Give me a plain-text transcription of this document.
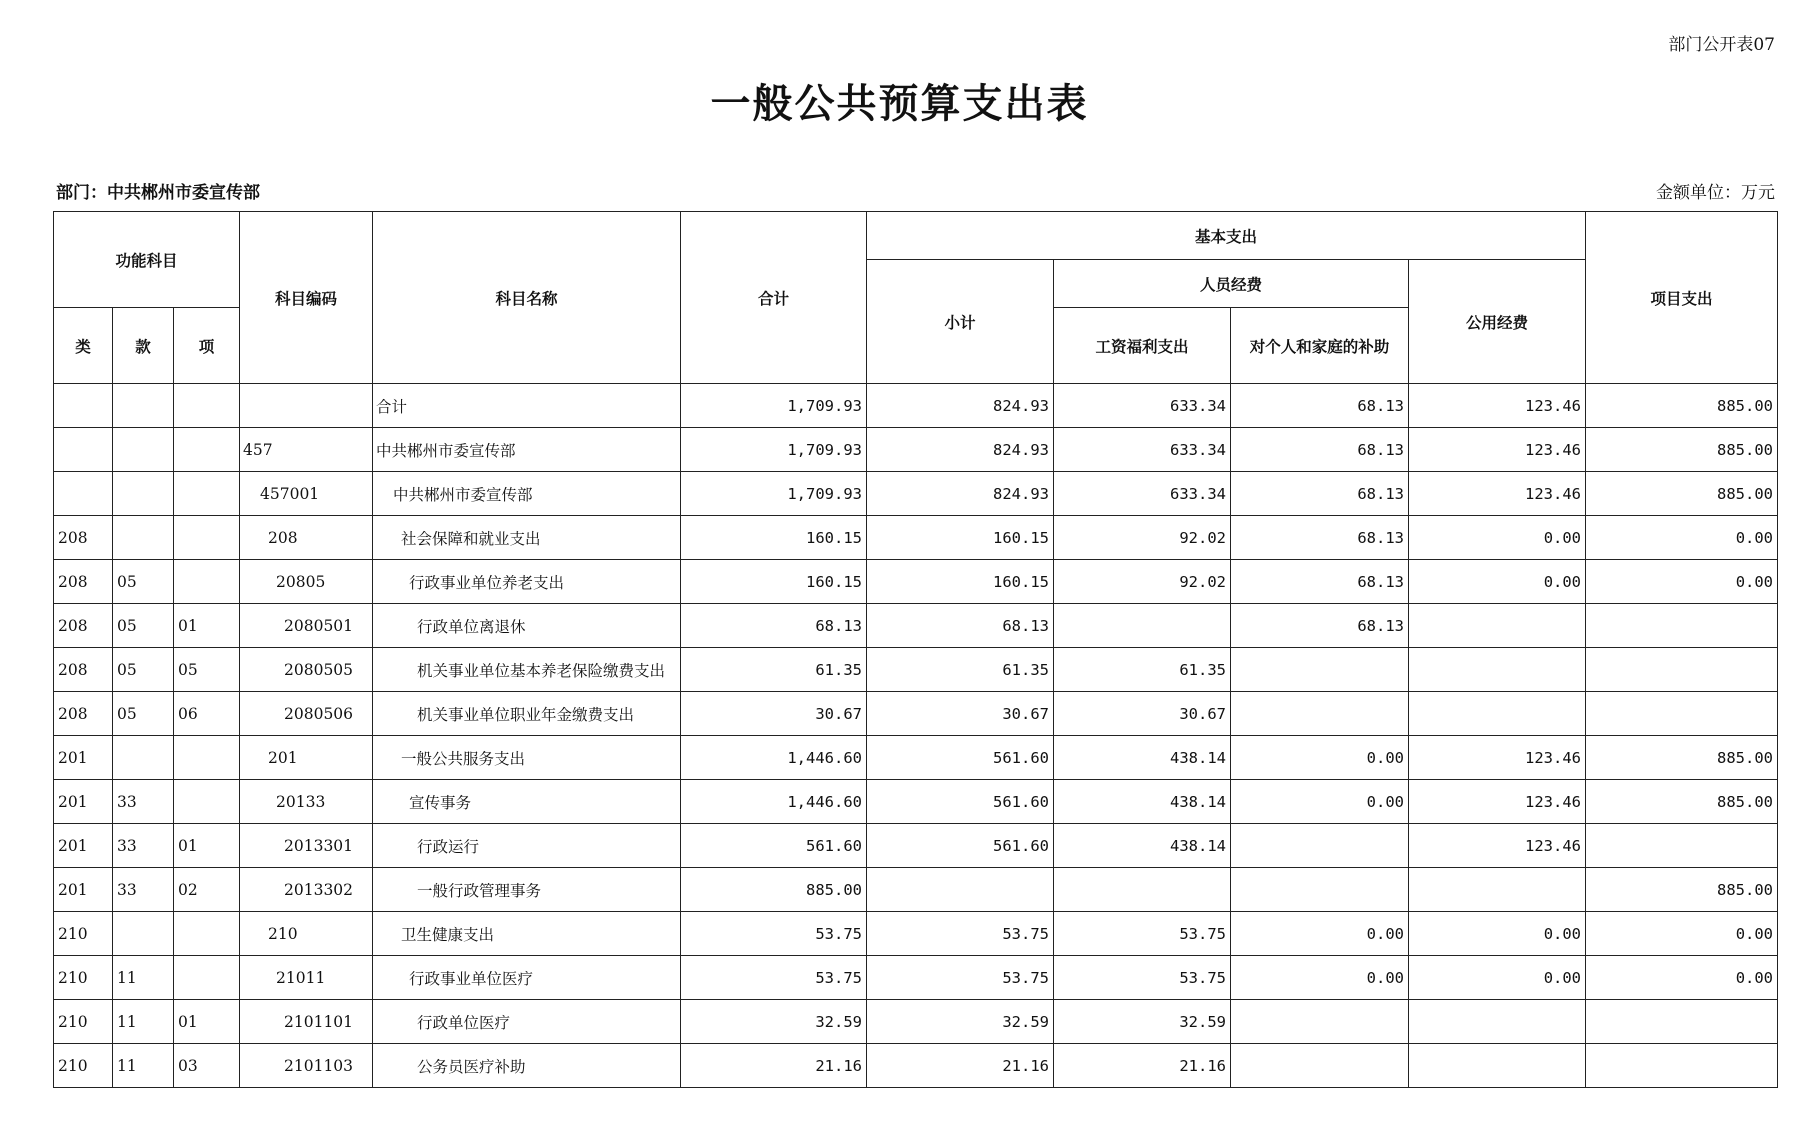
部门公开表07
一般公共预算支出表
部门：中共郴州市委宣传部	金额单位：万元
功能科目			科目编码	科目名称	合计	基本支出				项目支出
						小计	人员经费		公用经费	
类	款	项					工资福利支出	对个人和家庭的补助		
				合计	1,709.93	824.93	633.34	68.13	123.46	885.00
			457	中共郴州市委宣传部	1,709.93	824.93	633.34	68.13	123.46	885.00
			457001	中共郴州市委宣传部	1,709.93	824.93	633.34	68.13	123.46	885.00
208			208	社会保障和就业支出	160.15	160.15	92.02	68.13	0.00	0.00
208	05		20805	行政事业单位养老支出	160.15	160.15	92.02	68.13	0.00	0.00
208	05	01	2080501	行政单位离退休	68.13	68.13		68.13		
208	05	05	2080505	机关事业单位基本养老保险缴费支出	61.35	61.35	61.35			
208	05	06	2080506	机关事业单位职业年金缴费支出	30.67	30.67	30.67			
201			201	一般公共服务支出	1,446.60	561.60	438.14	0.00	123.46	885.00
201	33		20133	宣传事务	1,446.60	561.60	438.14	0.00	123.46	885.00
201	33	01	2013301	行政运行	561.60	561.60	438.14		123.46	
201	33	02	2013302	一般行政管理事务	885.00					885.00
210			210	卫生健康支出	53.75	53.75	53.75	0.00	0.00	0.00
210	11		21011	行政事业单位医疗	53.75	53.75	53.75	0.00	0.00	0.00
210	11	01	2101101	行政单位医疗	32.59	32.59	32.59			
210	11	03	2101103	公务员医疗补助	21.16	21.16	21.16			
